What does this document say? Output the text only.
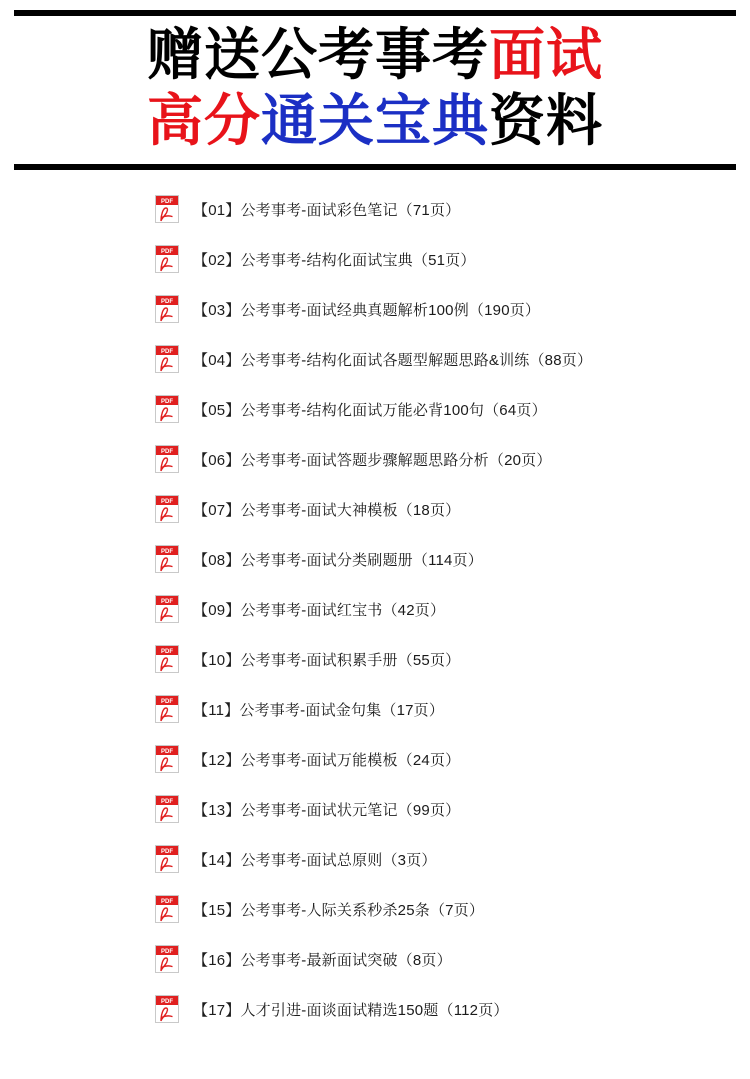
赠送公考事考面试
高分通关宝典资料
PDF 【01】公考事考-面试彩色笔记（71页）
PDF 【02】公考事考-结构化面试宝典（51页）
PDF 【03】公考事考-面试经典真题解析100例（190页）
PDF 【04】公考事考-结构化面试各题型解题思路&训练（88页）
PDF 【05】公考事考-结构化面试万能必背100句（64页）
PDF 【06】公考事考-面试答题步骤解题思路分析（20页）
PDF 【07】公考事考-面试大神模板（18页）
PDF 【08】公考事考-面试分类刷题册（114页）
PDF 【09】公考事考-面试红宝书（42页）
PDF 【10】公考事考-面试积累手册（55页）
PDF 【11】公考事考-面试金句集（17页）
PDF 【12】公考事考-面试万能模板（24页）
PDF 【13】公考事考-面试状元笔记（99页）
PDF 【14】公考事考-面试总原则（3页）
PDF 【15】公考事考-人际关系秒杀25条（7页）
PDF 【16】公考事考-最新面试突破（8页）
PDF 【17】人才引进-面谈面试精选150题（112页）
